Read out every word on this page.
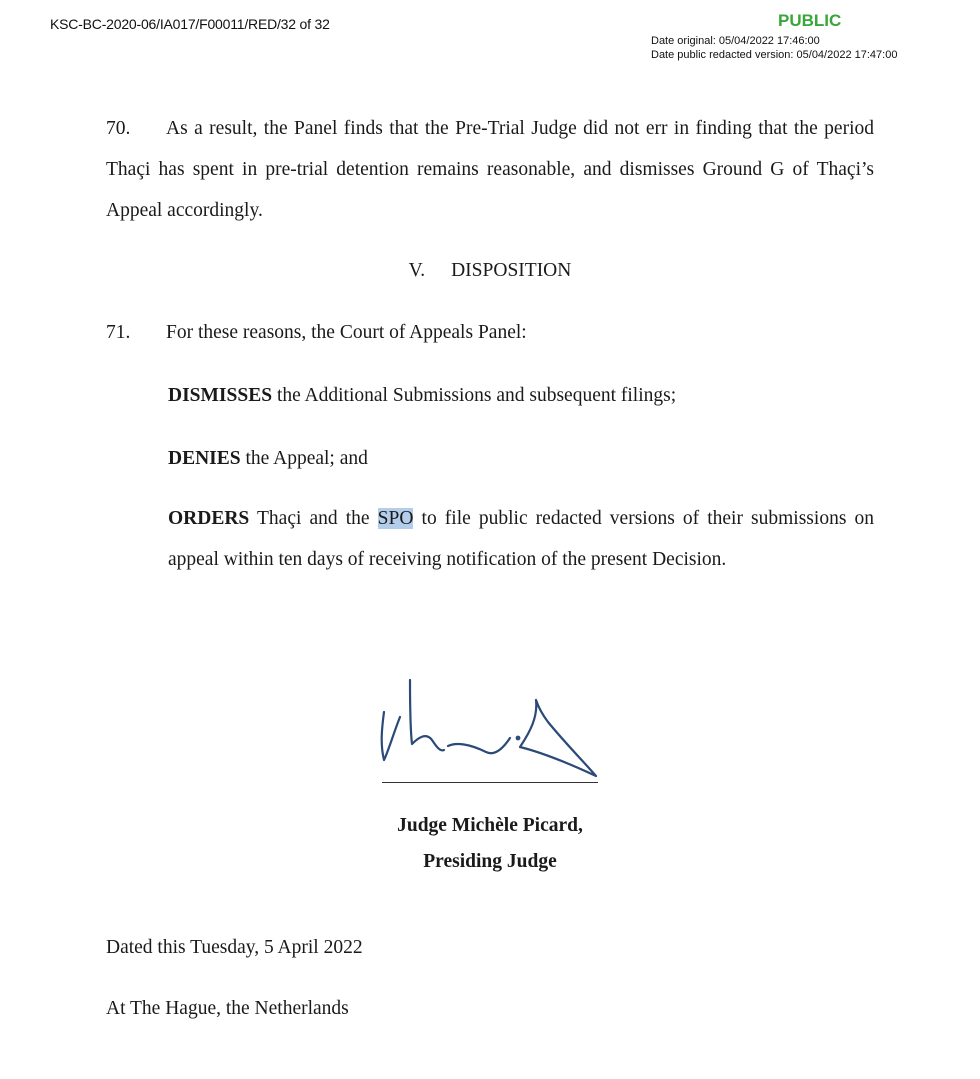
KSC-BC-2020-06/IA017/F00011/RED/32 of 32	PUBLIC
Date original: 05/04/2022 17:46:00
Date public redacted version: 05/04/2022 17:47:00
70.	As a result, the Panel finds that the Pre-Trial Judge did not err in finding that the period Thaçi has spent in pre-trial detention remains reasonable, and dismisses Ground G of Thaçi’s Appeal accordingly.
V. DISPOSITION
71. For these reasons, the Court of Appeals Panel:
DISMISSES the Additional Submissions and subsequent filings;
DENIES the Appeal; and
ORDERS Thaçi and the SPO to file public redacted versions of their submissions on appeal within ten days of receiving notification of the present Decision.
Judge Michèle Picard,
Presiding Judge
Dated this Tuesday, 5 April 2022
At The Hague, the Netherlands
